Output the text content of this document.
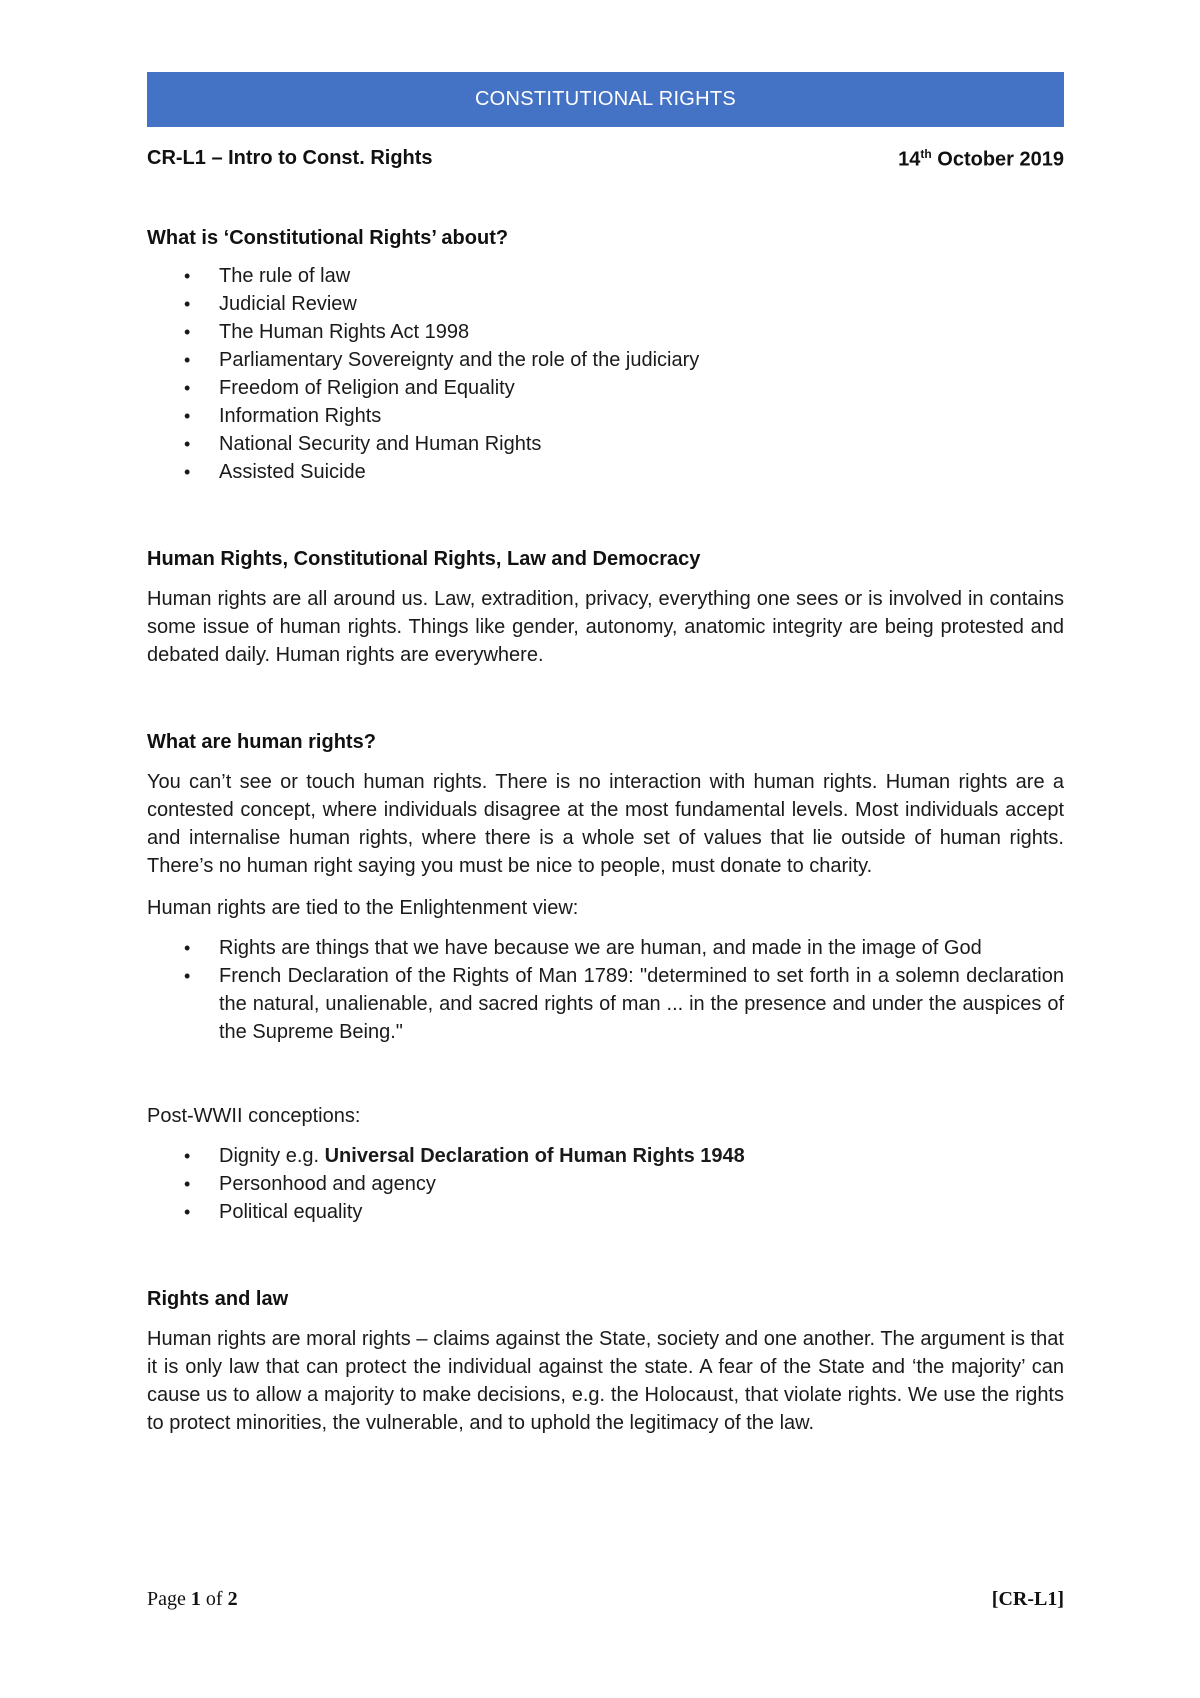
CONSTITUTIONAL RIGHTS
CR-L1 – Intro to Const. Rights	14th October 2019
What is ‘Constitutional Rights’ about?
• The rule of law
• Judicial Review
• The Human Rights Act 1998
• Parliamentary Sovereignty and the role of the judiciary
• Freedom of Religion and Equality
• Information Rights
• National Security and Human Rights
• Assisted Suicide
Human Rights, Constitutional Rights, Law and Democracy

Human rights are all around us. Law, extradition, privacy, everything one sees or is involved in contains some issue of human rights. Things like gender, autonomy, anatomic integrity are being protested and debated daily. Human rights are everywhere.

What are human rights?

You can’t see or touch human rights. There is no interaction with human rights. Human rights are a contested concept, where individuals disagree at the most fundamental levels. Most individuals accept and internalise human rights, where there is a whole set of values that lie outside of human rights. There’s no human right saying you must be nice to people, must donate to charity.

Human rights are tied to the Enlightenment view:

• Rights are things that we have because we are human, and made in the image of God
• French Declaration of the Rights of Man 1789: "determined to set forth in a solemn declaration the natural, unalienable, and sacred rights of man ... in the presence and under the auspices of the Supreme Being."

Post-WWII conceptions:

• Dignity e.g. Universal Declaration of Human Rights 1948
• Personhood and agency
• Political equality
Rights and law

Human rights are moral rights – claims against the State, society and one another. The argument is that it is only law that can protect the individual against the state. A fear of the State and ‘the majority’ can cause us to allow a majority to make decisions, e.g. the Holocaust, that violate rights. We use the rights to protect minorities, the vulnerable, and to uphold the legitimacy of the law.

Page 1 of 2	[CR-L1]
